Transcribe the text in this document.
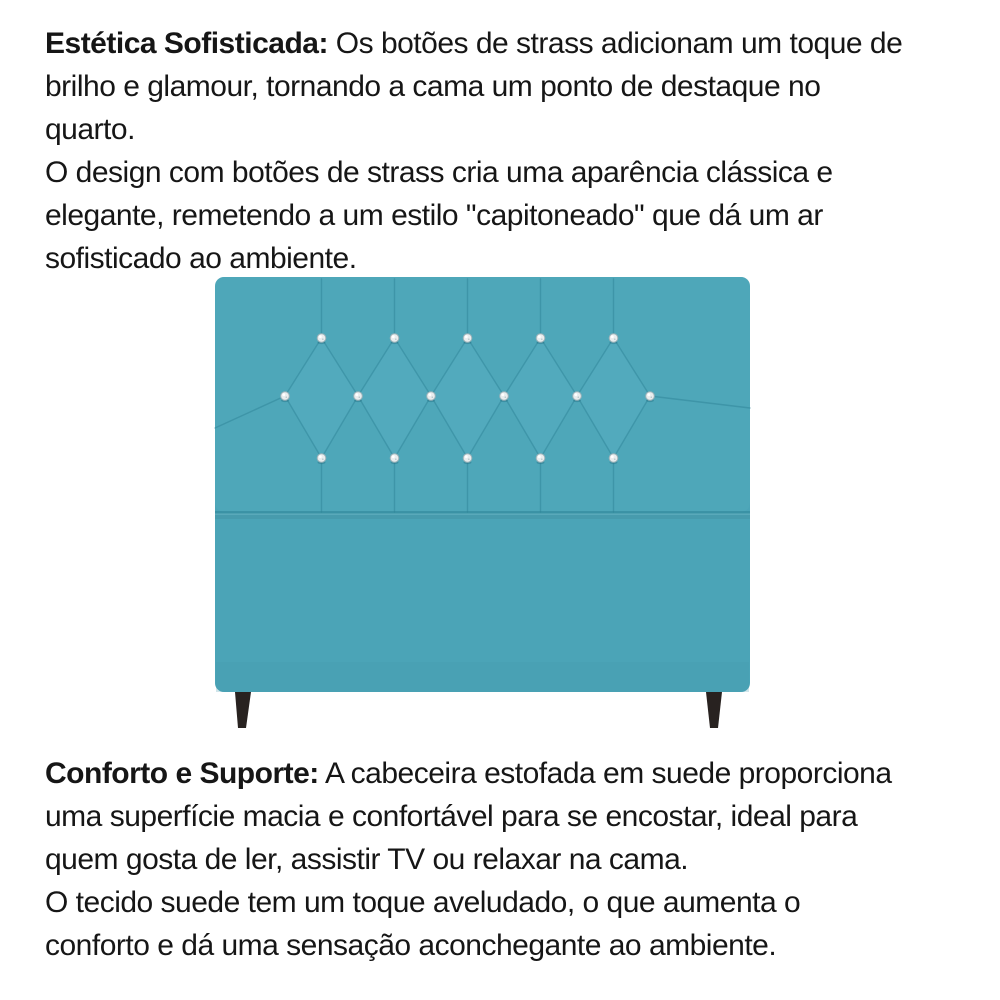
Estética Sofisticada: Os botões de strass adicionam um toque de
brilho e glamour, tornando a cama um ponto de destaque no
quarto.
O design com botões de strass cria uma aparência clássica e
elegante, remetendo a um estilo "capitoneado" que dá um ar
sofisticado ao ambiente.
Conforto e Suporte: A cabeceira estofada em suede proporciona
uma superfície macia e confortável para se encostar, ideal para
quem gosta de ler, assistir TV ou relaxar na cama.
O tecido suede tem um toque aveludado, o que aumenta o
conforto e dá uma sensação aconchegante ao ambiente.
